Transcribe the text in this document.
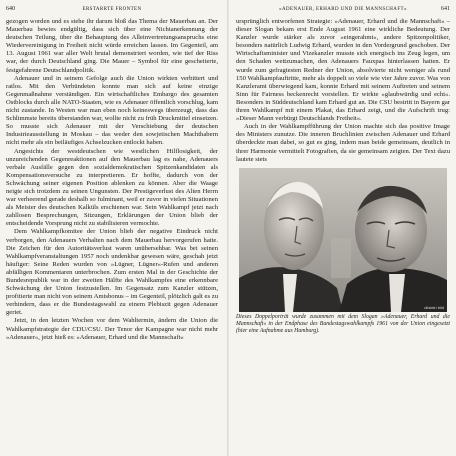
640	ERSTARRTE FRONTEN

gezogen worden und es stehe ihr darum bloß das Thema der Mauerbau an. Der Mauerbau bewies endgültig, dass sich über eine Nichtanerkennung der deutschen Teilung, über die Behauptung des Alleinvertretungsanspruchs eine Wiedervereinigung in Freiheit nicht würde erreichen lassen. Im Gegenteil, am 13. August 1961 war aller Welt brutal demonstriert worden, wie tief der Riss war, der durch Deutschland ging. Die Mauer – Symbol für eine gescheiterte, festgefahrene Deutschlandpolitik.

Adenauer und in seinem Gefolge auch die Union wirkten verbittert und ratlos. Mit den Verbündeten konnte man sich auf keine einzige Gegenmaßnahme verständigen. Ein wirtschaftliches Embargo des gesamten Ostblocks durch alle NATO-Staaten, wie es Adenauer öffentlich vorschlug, kam nicht zustande. In Westen war man eben noch keineswegs überzeugt, dass das Schlimmste bereits überstanden war, wollte nicht zu früh Druckmittel einsetzen. So musste sich Adenauer mit der Verschiebung der deutschen Industrieausstellung in Moskau – das weder den sowjetischen Machthabern nicht mehr als ein beiläufiges Achselzucken entlockt haben.

Angesichts der westdeutschen wie westlichen Hilflosigkeit, der unzureichenden Gegenreaktionen auf den Mauerbau lag es nahe, Adenauers verbale Ausfälle gegen den sozialdemokratischen Spitzenkandidaten als Kompensationsversuche zu interpretieren. Er hoffte, dadurch von der Schwächung seiner eigenen Position ablenken zu können. Aber die Waage neigte sich trotzdem zu seinen Ungunsten. Der Prestigeverlust des Alten Herrn war verheerend gerade deshalb so fulminant, weil er zuvor in vielen Situationen als Meister des deutschen Kalküls erschienen war. Sein Wahlkampf jetzt nach zahllosen Besprechungen, Sitzungen, Erklärungen der Union blieb der entscheidende Vorsprung nicht zu stabilisieren vermochte.

Dem Wahlkampfkomitee der Union blieb der negative Eindruck nicht verborgen, den Adenauers Verhalten nach dem Mauerbau hervorgerufen hatte. Die Zeichen für den Autoritätsverlust waren unübersehbar. Was bei seinen Wahlkampfveranstaltungen 1957 noch undenkbar gewesen wäre, geschah jetzt häufiger: Seine Reden wurden von »Lügner, Lügner«-Rufen und anderen abfälligen Kommentaren unterbrochen. Zum ersten Mal in der Geschichte der Bundesrepublik war in der zweiten Hälfte des Wahlkampfes eine erkennbare Schwächung der Union festzustellen. Im Gegensatz zum Kanzler stützen, profitierte man nicht von seinem Amtsbonus – im Gegenteil, plötzlich galt es zu verhindern, dass er die Bundestagswahl zu einem Plebiszit gegen Adenauer geriet.

Jetzt, in den letzten Wochen vor dem Wahltermin, ändern die Union die Wahlkampfstrategie der CDU/CSU. Der Tenor der Kampagne war nicht mehr »Adenauer«, jetzt hieß es: »Adenauer, Erhard und die Mannschaft«

»ADENAUER, ERHARD UND DIE MANNSCHAFT«	641

ursprünglich entworfenen Strategie: »Adenauer, Erhard und die Mannschaft« – dieser Slogan bekam erst Ende August 1961 eine wirkliche Bedeutung. Der Kanzler wurde stärker als zuvor »eingerahmt«, andere Spitzenpolitiker, besonders natürlich Ludwig Erhard, wurden in den Vordergrund geschoben. Der Wirtschaftsminister und Vizekanzler musste sich energisch ins Zeug legen, um den Schaden wettzumachen, den Adenauers Fauxpas hinterlassen hatten. Er wurde zum gefragtesten Redner der Union, absolvierte nicht weniger als rund 150 Wahlkampfauftritte, mehr als doppelt so viele wie vier Jahre zuvor. Was von Kanzleramt überwiegend kam, konnte Erhard mit seinem Auftreten und seinem Sinn für Fairness beckenrecht vorstellen. Er wirkte »glaubwürdig und echt«. Besonders in Süddeutschland kam Erhard gut an. Die CSU bestritt in Bayern gar ihren Wahlkampf mit einem Plakat, das Erhard zeigt, und die Aufschrift trug: »Dieser Mann verbürgt Deutschlands Freiheit«.

Auch in der Wahlkampfführung der Union machte sich das positive Image des Ministers zunutze. Die inneren Bruchlinien zwischen Adenauer und Erhard überdeckte man dabei, so gut es ging, indem man beide gemeinsam, deutlich in ihrer Harmonie vermittelt Fotografien, da sie gemeinsam zeigten. Der Text dazu lautete stets

ullstein bild
Dieses Doppelporträt wurde zusammen mit dem Slogan »Adenauer, Erhard und die Mannschaft« in der Endphase des Bundestagswahlkampfs 1961 von der Union eingesetzt (hier eine Aufnahme aus Hamburg).
